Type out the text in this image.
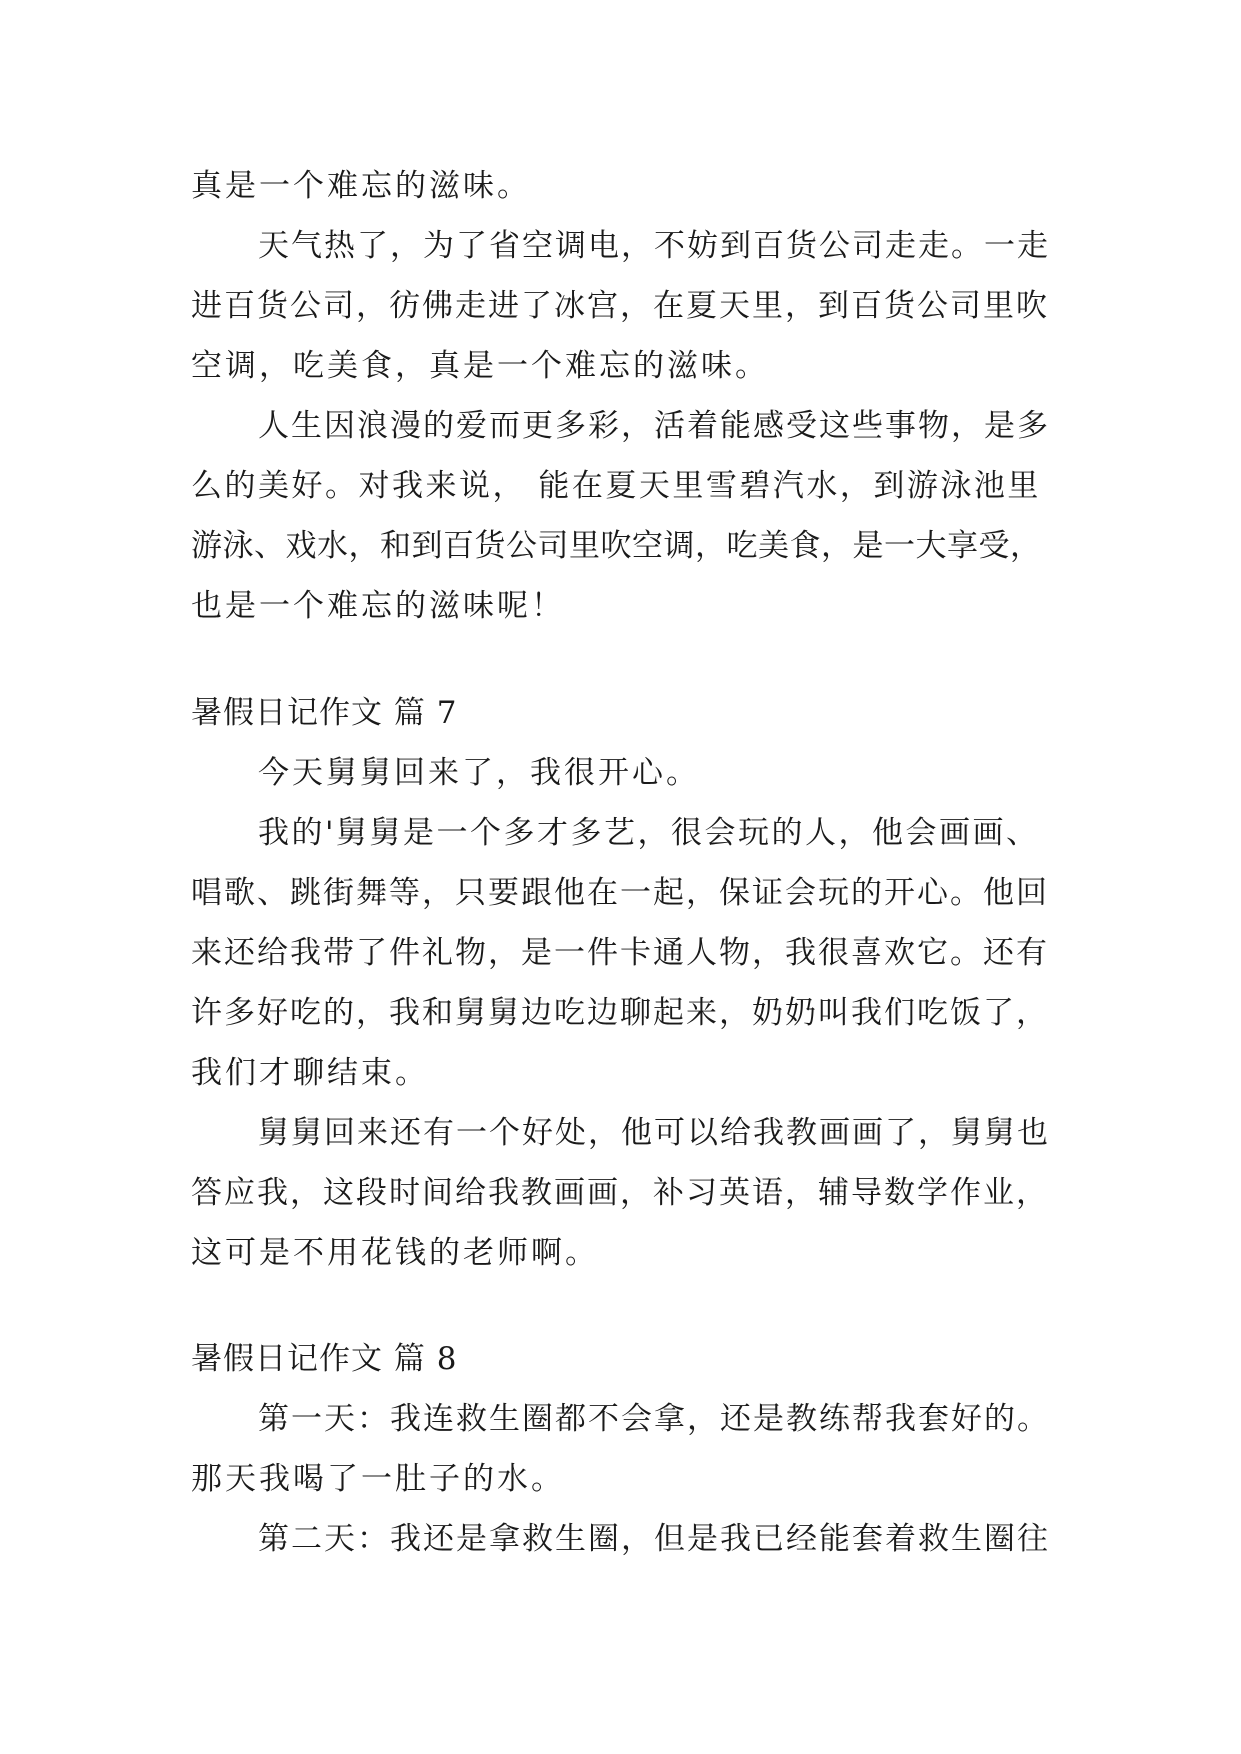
真是一个难忘的滋味。
天气热了，为了省空调电，不妨到百货公司走走。一走
进百货公司，彷佛走进了冰宫，在夏天里，到百货公司里吹
空调，吃美食，真是一个难忘的滋味。
人生因浪漫的爱而更多彩，活着能感受这些事物，是多
么的美好。对我来说， 能在夏天里雪碧汽水，到游泳池里
游泳、戏水，和到百货公司里吹空调，吃美食，是一大享受，
也是一个难忘的滋味呢！
暑假日记作文 篇 7
今天舅舅回来了，我很开心。
我的'舅舅是一个多才多艺，很会玩的人，他会画画、
唱歌、跳街舞等，只要跟他在一起，保证会玩的开心。他回
来还给我带了件礼物，是一件卡通人物，我很喜欢它。还有
许多好吃的，我和舅舅边吃边聊起来，奶奶叫我们吃饭了，
我们才聊结束。
舅舅回来还有一个好处，他可以给我教画画了，舅舅也
答应我，这段时间给我教画画，补习英语，辅导数学作业，
这可是不用花钱的老师啊。
暑假日记作文 篇 8
第一天：我连救生圈都不会拿，还是教练帮我套好的。
那天我喝了一肚子的水。
第二天：我还是拿救生圈，但是我已经能套着救生圈往
